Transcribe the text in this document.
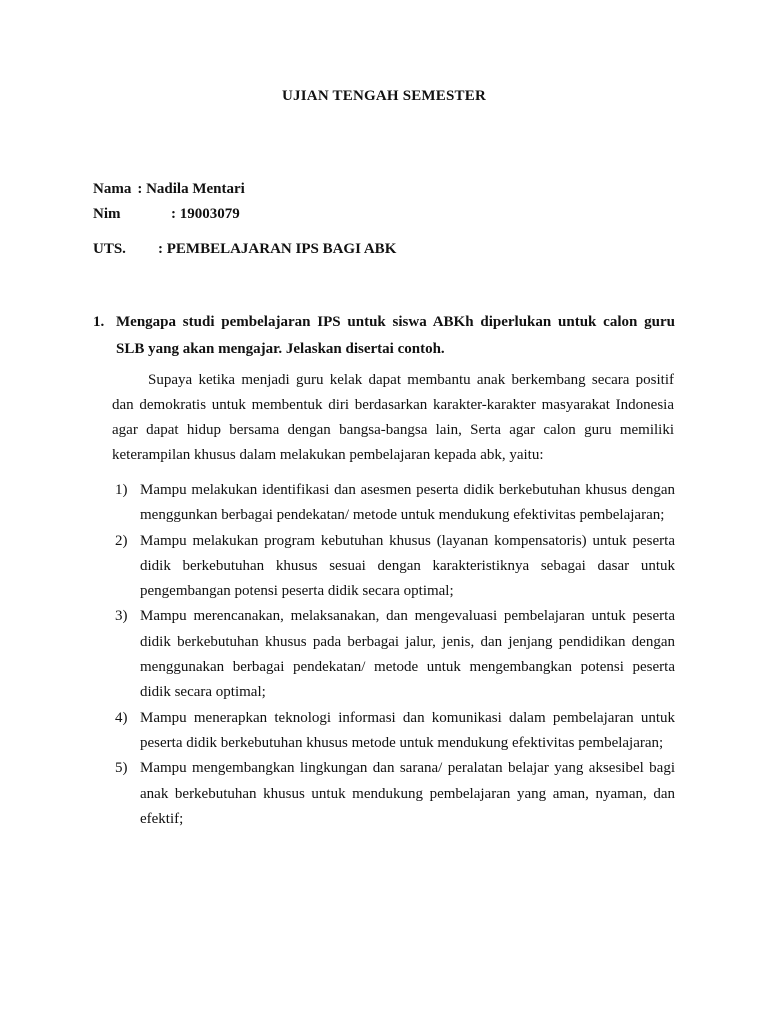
UJIAN TENGAH SEMESTER
Nama : Nadila Mentari
Nim	: 19003079
UTS. : PEMBELAJARAN IPS BAGI ABK
1. Mengapa studi pembelajaran IPS untuk siswa ABKh diperlukan untuk calon guru SLB yang akan mengajar. Jelaskan disertai contoh.
Supaya ketika menjadi guru kelak dapat membantu anak berkembang secara positif dan demokratis untuk membentuk diri berdasarkan karakter-karakter masyarakat Indonesia agar dapat hidup bersama dengan bangsa-bangsa lain, Serta agar calon guru memiliki keterampilan khusus dalam melakukan pembelajaran kepada abk, yaitu:
1) Mampu melakukan identifikasi dan asesmen peserta didik berkebutuhan khusus dengan menggunkan berbagai pendekatan/ metode untuk mendukung efektivitas pembelajaran;
2) Mampu melakukan program kebutuhan khusus (layanan kompensatoris) untuk peserta didik berkebutuhan khusus sesuai dengan karakteristiknya sebagai dasar untuk pengembangan potensi peserta didik secara optimal;
3) Mampu merencanakan, melaksanakan, dan mengevaluasi pembelajaran untuk peserta didik berkebutuhan khusus pada berbagai jalur, jenis, dan jenjang pendidikan dengan menggunakan berbagai pendekatan/ metode untuk mengembangkan potensi peserta didik secara optimal;
4) Mampu menerapkan teknologi informasi dan komunikasi dalam pembelajaran untuk peserta didik berkebutuhan khusus metode untuk mendukung efektivitas pembelajaran;
5) Mampu mengembangkan lingkungan dan sarana/ peralatan belajar yang aksesibel bagi anak berkebutuhan khusus untuk mendukung pembelajaran yang aman, nyaman, dan efektif;
